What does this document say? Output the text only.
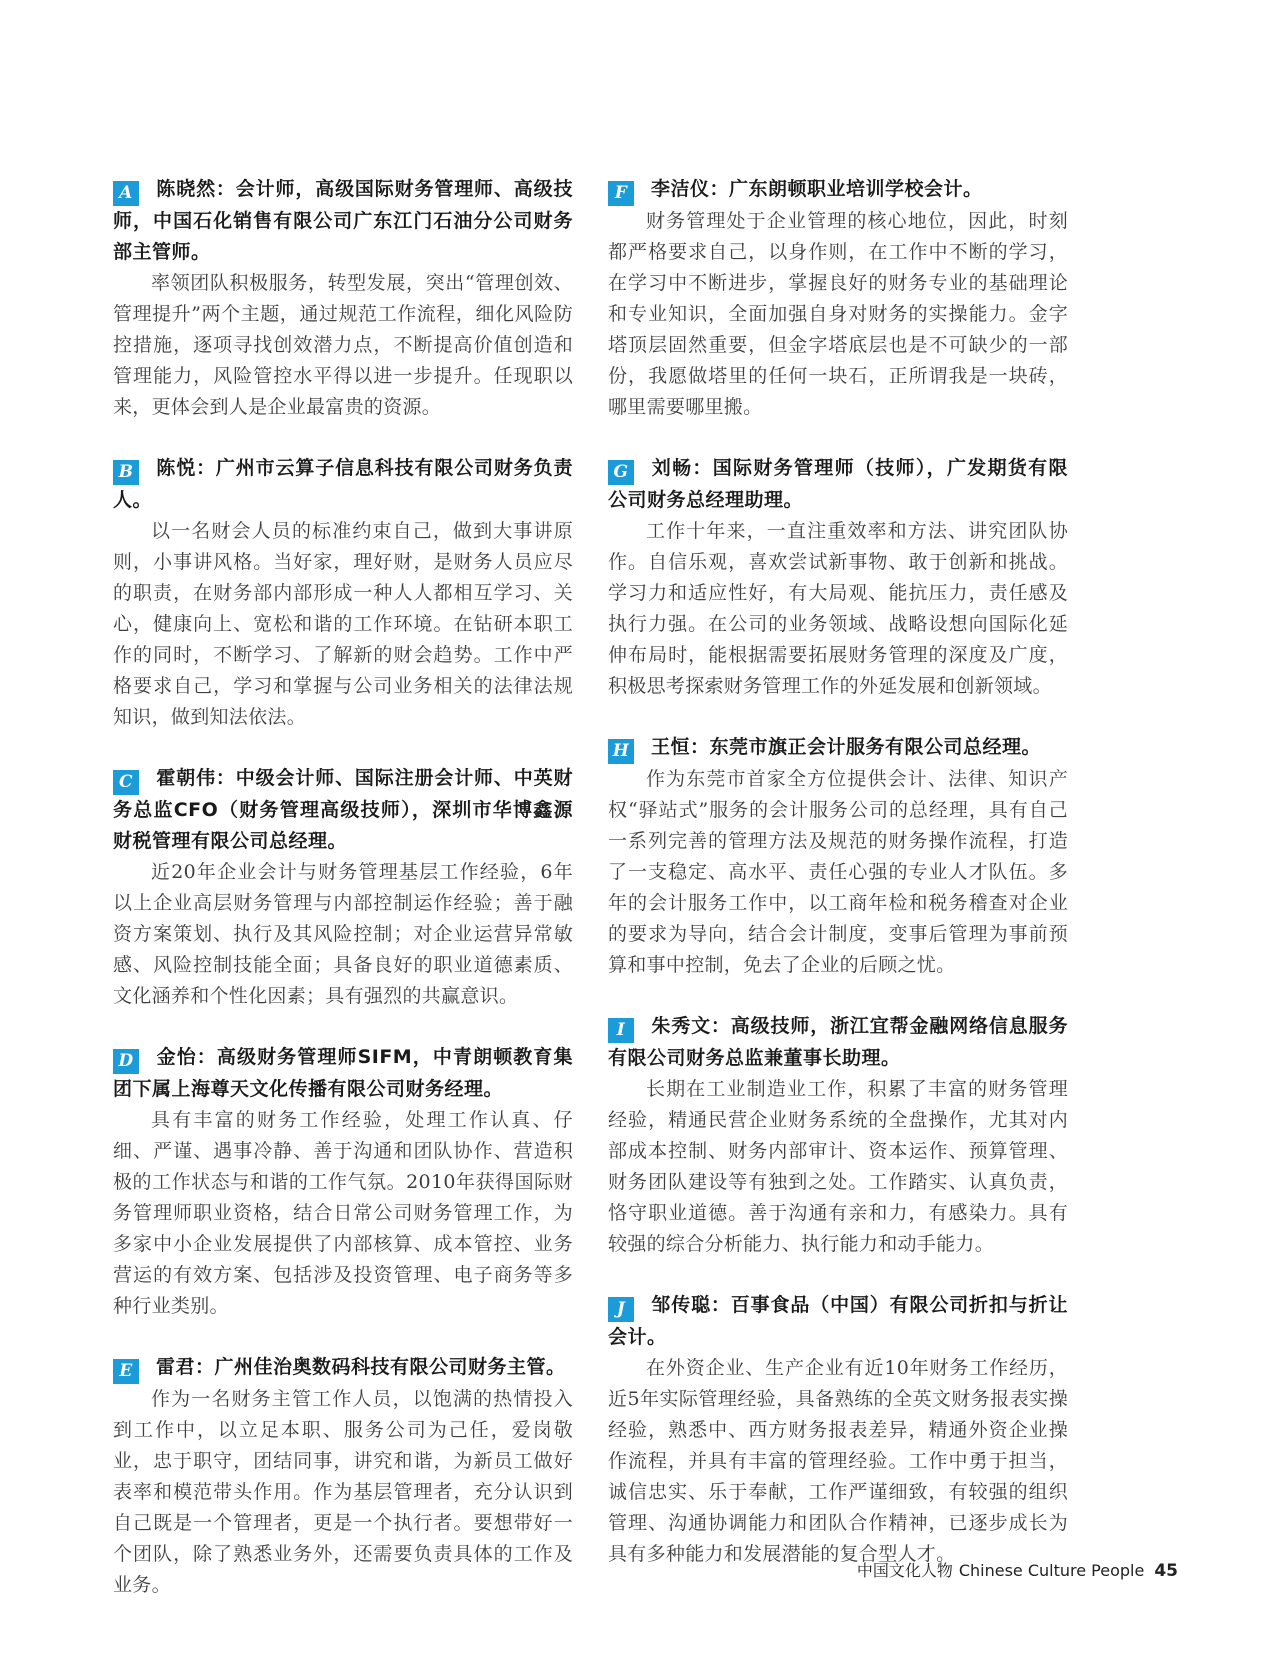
A 陈晓然：会计师，高级国际财务管理师、高级技师，中国石化销售有限公司广东江门石油分公司财务部主管师。

率领团队积极服务，转型发展，突出“管理创效、管理提升”两个主题，通过规范工作流程，细化风险防控措施，逐项寻找创效潜力点，不断提高价值创造和管理能力，风险管控水平得以进一步提升。任现职以来，更体会到人是企业最富贵的资源。

B 陈悦：广州市云算子信息科技有限公司财务负责人。

以一名财会人员的标准约束自己，做到大事讲原则，小事讲风格。当好家，理好财，是财务人员应尽的职责，在财务部内部形成一种人人都相互学习、关心，健康向上、宽松和谐的工作环境。在钻研本职工作的同时，不断学习、了解新的财会趋势。工作中严格要求自己，学习和掌握与公司业务相关的法律法规知识，做到知法依法。

C 霍朝伟：中级会计师、国际注册会计师、中英财务总监CFO（财务管理高级技师），深圳市华博鑫源财税管理有限公司总经理。

近20年企业会计与财务管理基层工作经验，6年以上企业高层财务管理与内部控制运作经验；善于融资方案策划、执行及其风险控制；对企业运营异常敏感、风险控制技能全面；具备良好的职业道德素质、文化涵养和个性化因素；具有强烈的共赢意识。

D 金怡：高级财务管理师SIFM，中青朗顿教育集团下属上海尊天文化传播有限公司财务经理。

具有丰富的财务工作经验，处理工作认真、仔细、严谨、遇事冷静、善于沟通和团队协作、营造积极的工作状态与和谐的工作气氛。2010年获得国际财务管理师职业资格，结合日常公司财务管理工作，为多家中小企业发展提供了内部核算、成本管控、业务营运的有效方案、包括涉及投资管理、电子商务等多种行业类别。

E 雷君：广州佳治奥数码科技有限公司财务主管。

作为一名财务主管工作人员，以饱满的热情投入到工作中，以立足本职、服务公司为己任，爱岗敬业，忠于职守，团结同事，讲究和谐，为新员工做好表率和模范带头作用。作为基层管理者，充分认识到自己既是一个管理者，更是一个执行者。要想带好一个团队，除了熟悉业务外，还需要负责具体的工作及业务。

F 李洁仪：广东朗顿职业培训学校会计。

财务管理处于企业管理的核心地位，因此，时刻都严格要求自己，以身作则，在工作中不断的学习，在学习中不断进步，掌握良好的财务专业的基础理论和专业知识，全面加强自身对财务的实操能力。金字塔顶层固然重要，但金字塔底层也是不可缺少的一部份，我愿做塔里的任何一块石，正所谓我是一块砖，哪里需要哪里搬。

G 刘畅：国际财务管理师（技师），广发期货有限公司财务总经理助理。

工作十年来，一直注重效率和方法、讲究团队协作。自信乐观，喜欢尝试新事物、敢于创新和挑战。学习力和适应性好，有大局观、能抗压力，责任感及执行力强。在公司的业务领域、战略设想向国际化延伸布局时，能根据需要拓展财务管理的深度及广度，积极思考探索财务管理工作的外延发展和创新领域。

H 王恒：东莞市旗正会计服务有限公司总经理。

作为东莞市首家全方位提供会计、法律、知识产权“驿站式”服务的会计服务公司的总经理，具有自己一系列完善的管理方法及规范的财务操作流程，打造了一支稳定、高水平、责任心强的专业人才队伍。多年的会计服务工作中，以工商年检和税务稽查对企业的要求为导向，结合会计制度，变事后管理为事前预算和事中控制，免去了企业的后顾之忧。

I 朱秀文：高级技师，浙江宜帮金融网络信息服务有限公司财务总监兼董事长助理。

长期在工业制造业工作，积累了丰富的财务管理经验，精通民营企业财务系统的全盘操作，尤其对内部成本控制、财务内部审计、资本运作、预算管理、财务团队建设等有独到之处。工作踏实、认真负责，恪守职业道德。善于沟通有亲和力，有感染力。具有较强的综合分析能力、执行能力和动手能力。

J 邹传聪：百事食品（中国）有限公司折扣与折让会计。

在外资企业、生产企业有近10年财务工作经历，近5年实际管理经验，具备熟练的全英文财务报表实操经验，熟悉中、西方财务报表差异，精通外资企业操作流程，并具有丰富的管理经验。工作中勇于担当，诚信忠实、乐于奉献，工作严谨细致，有较强的组织管理、沟通协调能力和团队合作精神，已逐步成长为具有多种能力和发展潜能的复合型人才。

中国文化人物 Chinese Culture People 45
